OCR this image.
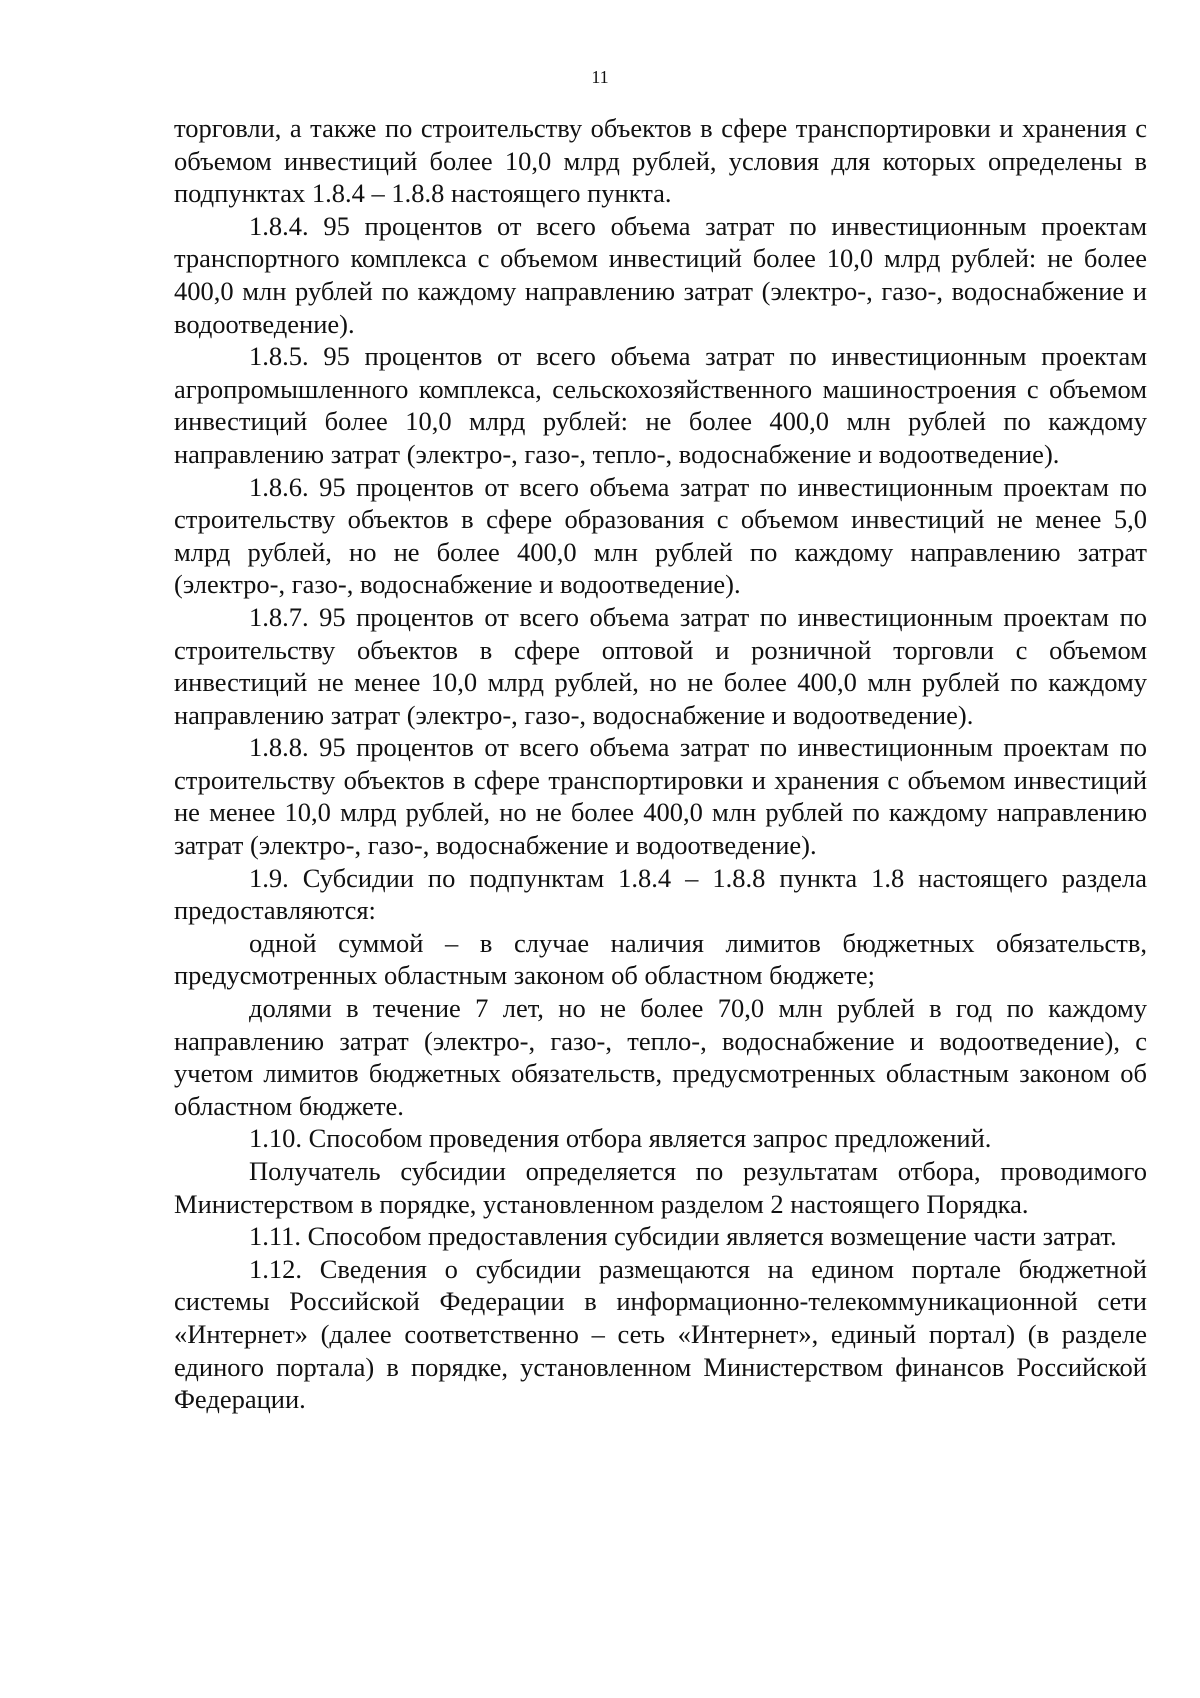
11

торговли, а также по строительству объектов в сфере транспортировки и хранения с объемом инвестиций более 10,0 млрд рублей, условия для которых определены в подпунктах 1.8.4 – 1.8.8 настоящего пункта.

1.8.4. 95 процентов от всего объема затрат по инвестиционным проектам транспортного комплекса с объемом инвестиций более 10,0 млрд рублей: не более 400,0 млн рублей по каждому направлению затрат (электро-, газо-, водоснабжение и водоотведение).

1.8.5. 95 процентов от всего объема затрат по инвестиционным проектам агропромышленного комплекса, сельскохозяйственного машиностроения с объемом инвестиций более 10,0 млрд рублей: не более 400,0 млн рублей по каждому направлению затрат (электро-, газо-, тепло-, водоснабжение и водоотведение).

1.8.6. 95 процентов от всего объема затрат по инвестиционным проектам по строительству объектов в сфере образования с объемом инвестиций не менее 5,0 млрд рублей, но не более 400,0 млн рублей по каждому направлению затрат (электро-, газо-, водоснабжение и водоотведение).

1.8.7. 95 процентов от всего объема затрат по инвестиционным проектам по строительству объектов в сфере оптовой и розничной торговли с объемом инвестиций не менее 10,0 млрд рублей, но не более 400,0 млн рублей по каждому направлению затрат (электро-, газо-, водоснабжение и водоотведение).

1.8.8. 95 процентов от всего объема затрат по инвестиционным проектам по строительству объектов в сфере транспортировки и хранения с объемом инвестиций не менее 10,0 млрд рублей, но не более 400,0 млн рублей по каждому направлению затрат (электро-, газо-, водоснабжение и водоотведение).

1.9. Субсидии по подпунктам 1.8.4 – 1.8.8 пункта 1.8 настоящего раздела предоставляются:

одной суммой – в случае наличия лимитов бюджетных обязательств, предусмотренных областным законом об областном бюджете;

долями в течение 7 лет, но не более 70,0 млн рублей в год по каждому направлению затрат (электро-, газо-, тепло-, водоснабжение и водоотведение), с учетом лимитов бюджетных обязательств, предусмотренных областным законом об областном бюджете.

1.10. Способом проведения отбора является запрос предложений.

Получатель субсидии определяется по результатам отбора, проводимого Министерством в порядке, установленном разделом 2 настоящего Порядка.

1.11. Способом предоставления субсидии является возмещение части затрат.

1.12. Сведения о субсидии размещаются на едином портале бюджетной системы Российской Федерации в информационно-телекоммуникационной сети «Интернет» (далее соответственно – сеть «Интернет», единый портал) (в разделе единого портала) в порядке, установленном Министерством финансов Российской Федерации.
